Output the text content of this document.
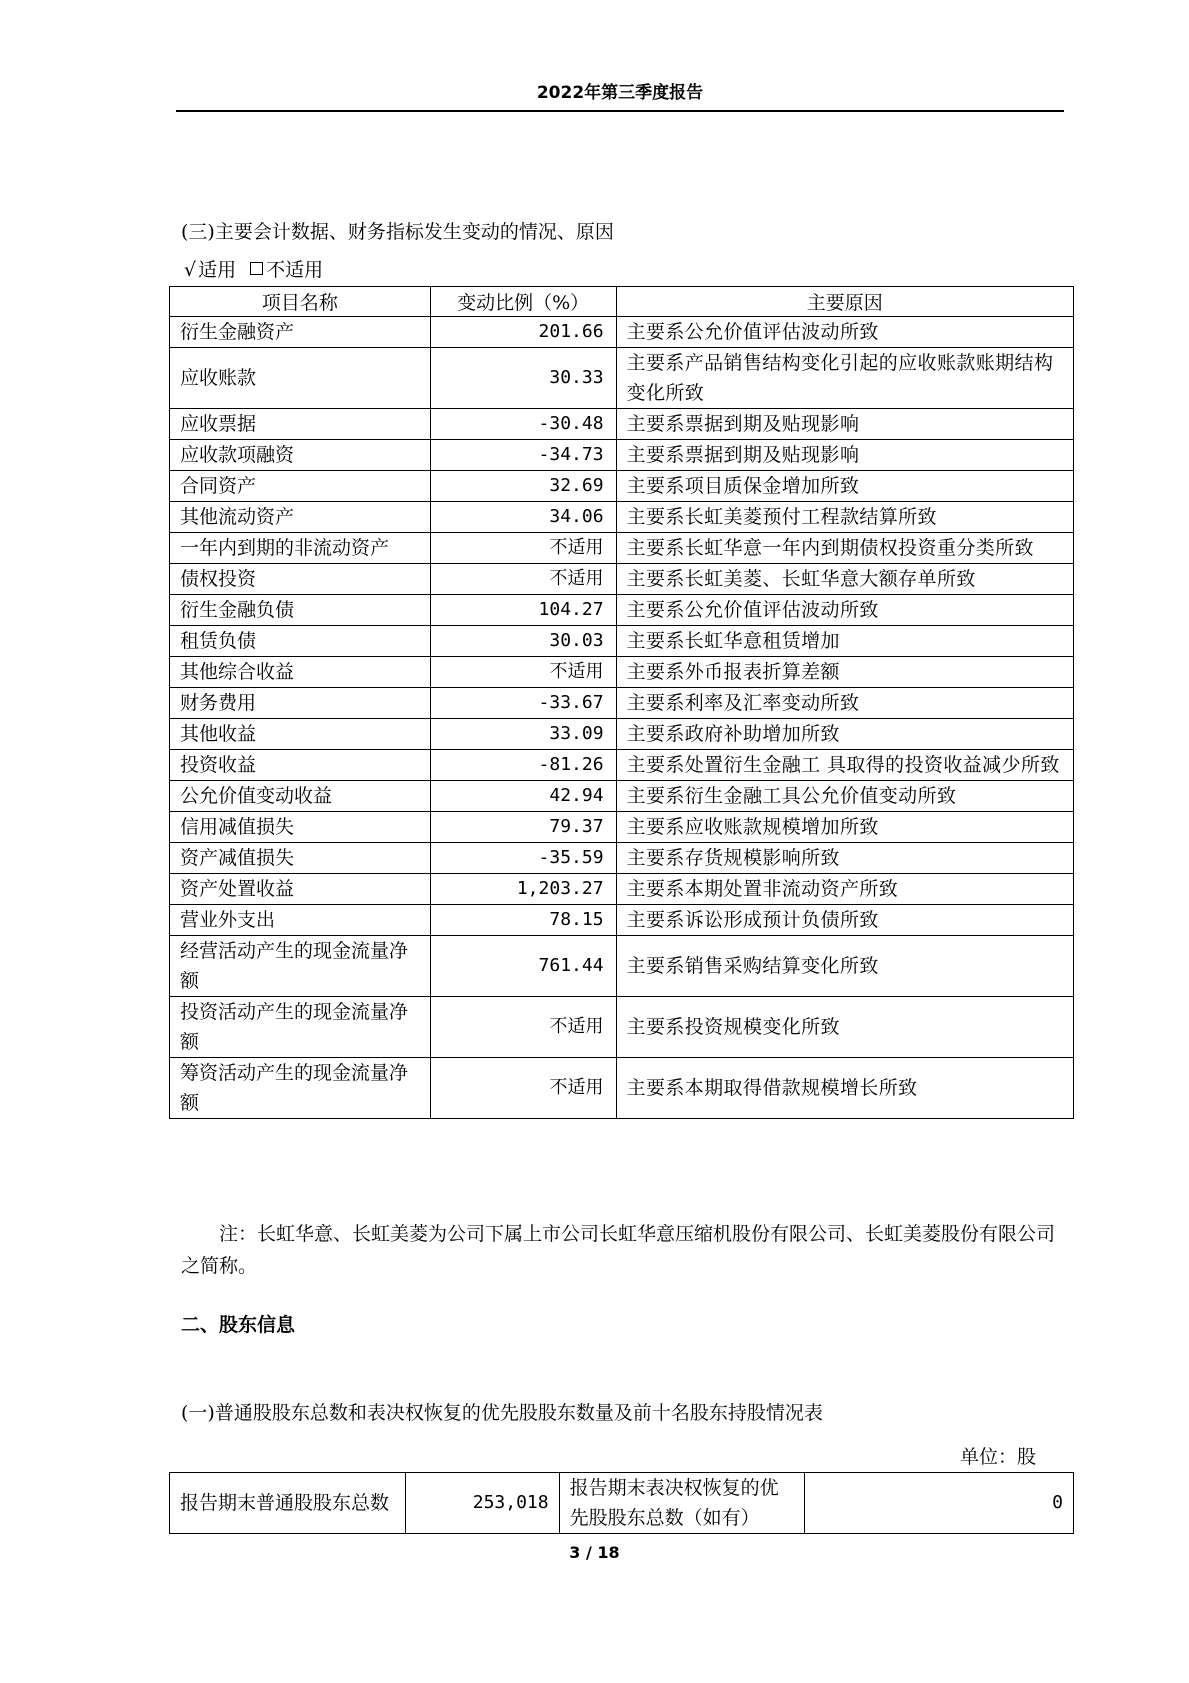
2022年第三季度报告
(三)主要会计数据、财务指标发生变动的情况、原因
√ 适用 不适用
项目名称	变动比例（%）	主要原因
衍生金融资产	201.66	主要系公允价值评估波动所致
应收账款	30.33	主要系产品销售结构变化引起的应收账款账期结构变化所致
应收票据	-30.48	主要系票据到期及贴现影响
应收款项融资	-34.73	主要系票据到期及贴现影响
合同资产	32.69	主要系项目质保金增加所致
其他流动资产	34.06	主要系长虹美菱预付工程款结算所致
一年内到期的非流动资产	不适用	主要系长虹华意一年内到期债权投资重分类所致
债权投资	不适用	主要系长虹美菱、长虹华意大额存单所致
衍生金融负债	104.27	主要系公允价值评估波动所致
租赁负债	30.03	主要系长虹华意租赁增加
其他综合收益	不适用	主要系外币报表折算差额
财务费用	-33.67	主要系利率及汇率变动所致
其他收益	33.09	主要系政府补助增加所致
投资收益	-81.26	主要系处置衍生金融工 具取得的投资收益减少所致
公允价值变动收益	42.94	主要系衍生金融工具公允价值变动所致
信用减值损失	79.37	主要系应收账款规模增加所致
资产减值损失	-35.59	主要系存货规模影响所致
资产处置收益	1,203.27	主要系本期处置非流动资产所致
营业外支出	78.15	主要系诉讼形成预计负债所致
经营活动产生的现金流量净额	761.44	主要系销售采购结算变化所致
投资活动产生的现金流量净额	不适用	主要系投资规模变化所致
筹资活动产生的现金流量净额	不适用	主要系本期取得借款规模增长所致
注：长虹华意、长虹美菱为公司下属上市公司长虹华意压缩机股份有限公司、长虹美菱股份有限公司之简称。
二、股东信息
(一)普通股股东总数和表决权恢复的优先股股东数量及前十名股东持股情况表
单位：股
报告期末普通股股东总数	253,018	报告期末表决权恢复的优先股股东总数（如有）	0
3 / 18
